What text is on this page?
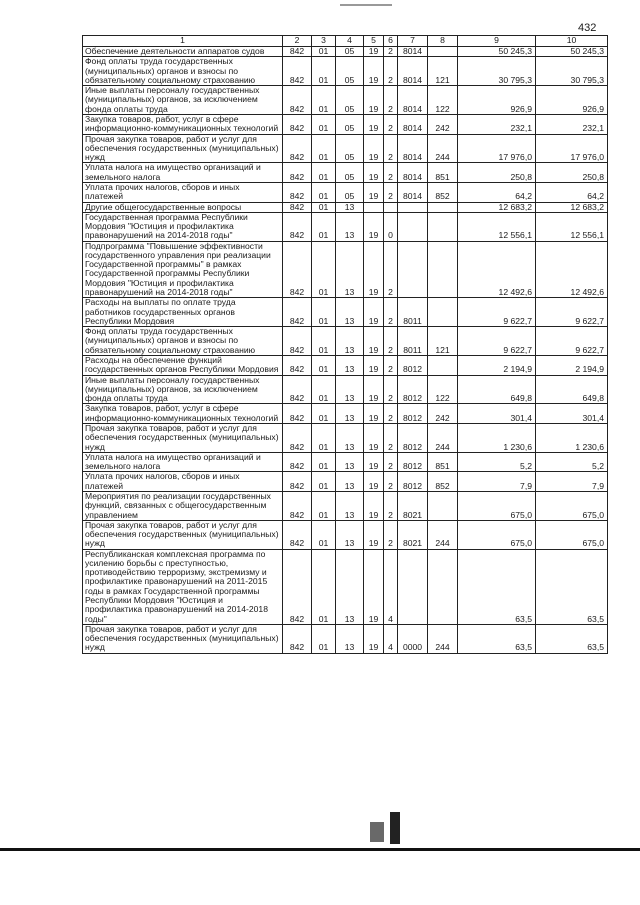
432
1	2	3	4	5	6	7	8	9	10
Обеспечение деятельности аппаратов судов	842	01	05	19	2	8014		50 245,3	50 245,3
Фонд оплаты труда государственных (муниципальных) органов и взносы по обязательному социальному страхованию	842	01	05	19	2	8014	121	30 795,3	30 795,3
Иные выплаты персоналу государственных (муниципальных) органов, за исключением фонда оплаты труда	842	01	05	19	2	8014	122	926,9	926,9
Закупка товаров, работ, услуг в сфере информационно-коммуникационных технологий	842	01	05	19	2	8014	242	232,1	232,1
Прочая закупка товаров, работ и услуг для обеспечения государственных (муниципальных) нужд	842	01	05	19	2	8014	244	17 976,0	17 976,0
Уплата налога на имущество организаций и земельного налога	842	01	05	19	2	8014	851	250,8	250,8
Уплата прочих налогов, сборов и иных платежей	842	01	05	19	2	8014	852	64,2	64,2
Другие общегосударственные вопросы	842	01	13					12 683,2	12 683,2
Государственная программа Республики Мордовия "Юстиция и профилактика правонарушений на 2014-2018 годы"	842	01	13	19	0			12 556,1	12 556,1
Подпрограмма "Повышение эффективности государственного управления при реализации Государственной программы" в рамках Государственной программы Республики Мордовия "Юстиция и профилактика правонарушений на 2014-2018 годы"	842	01	13	19	2			12 492,6	12 492,6
Расходы на выплаты по оплате труда работников государственных органов Республики Мордовия	842	01	13	19	2	8011		9 622,7	9 622,7
Фонд оплаты труда государственных (муниципальных) органов и взносы по обязательному социальному страхованию	842	01	13	19	2	8011	121	9 622,7	9 622,7
Расходы на обеспечение функций государственных органов Республики Мордовия	842	01	13	19	2	8012		2 194,9	2 194,9
Иные выплаты персоналу государственных (муниципальных) органов, за исключением фонда оплаты труда	842	01	13	19	2	8012	122	649,8	649,8
Закупка товаров, работ, услуг в сфере информационно-коммуникационных технологий	842	01	13	19	2	8012	242	301,4	301,4
Прочая закупка товаров, работ и услуг для обеспечения государственных (муниципальных) нужд	842	01	13	19	2	8012	244	1 230,6	1 230,6
Уплата налога на имущество организаций и земельного налога	842	01	13	19	2	8012	851	5,2	5,2
Уплата прочих налогов, сборов и иных платежей	842	01	13	19	2	8012	852	7,9	7,9
Мероприятия по реализации государственных функций, связанных с общегосударственным управлением	842	01	13	19	2	8021		675,0	675,0
Прочая закупка товаров, работ и услуг для обеспечения государственных (муниципальных) нужд	842	01	13	19	2	8021	244	675,0	675,0
Республиканская комплексная программа по усилению борьбы с преступностью, противодействию терроризму, экстремизму и профилактике правонарушений на 2011-2015 годы в рамках Государственной программы Республики Мордовия "Юстиция и профилактика правонарушений на 2014-2018 годы"	842	01	13	19	4			63,5	63,5
Прочая закупка товаров, работ и услуг для обеспечения государственных (муниципальных) нужд	842	01	13	19	4	0000	244	63,5	63,5
